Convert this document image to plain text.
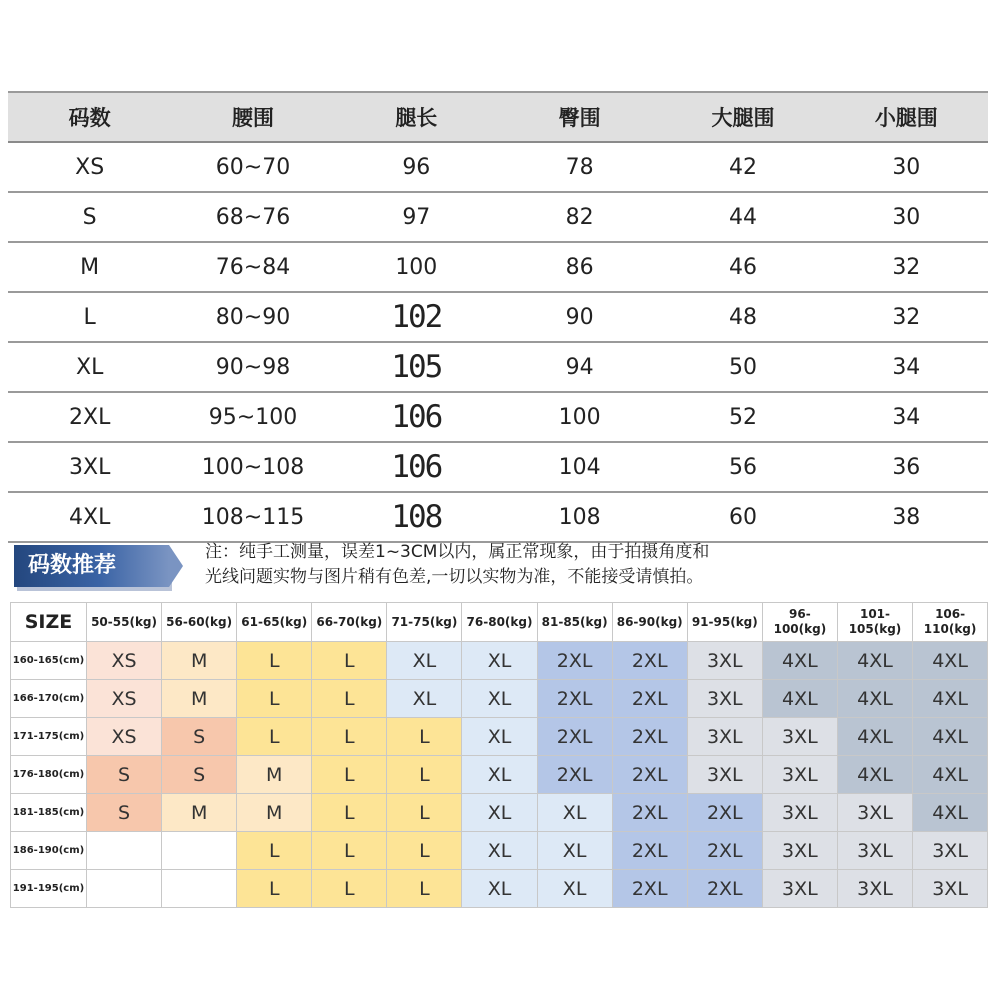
码数	腰围	腿长	臀围	大腿围	小腿围
XS	60~70	96	78	42	30
S	68~76	97	82	44	30
M	76~84	100	86	46	32
L	80~90	102	90	48	32
XL	90~98	105	94	50	34
2XL	95~100	106	100	52	34
3XL	100~108	106	104	56	36
4XL	108~115	108	108	60	38
码数推荐
注：纯手工测量，误差1~3CM以内，属正常现象，由于拍摄角度和
光线问题实物与图片稍有色差,一切以实物为准，不能接受请慎拍。
SIZE	50-55(kg)	56-60(kg)	61-65(kg)	66-70(kg)	71-75(kg)	76-80(kg)	81-85(kg)	86-90(kg)	91-95(kg)	96-100(kg)	101-105(kg)	106-110(kg)
160-165(cm)	XS	M	L	L	XL	XL	2XL	2XL	3XL	4XL	4XL	4XL
166-170(cm)	XS	M	L	L	XL	XL	2XL	2XL	3XL	4XL	4XL	4XL
171-175(cm)	XS	S	L	L	L	XL	2XL	2XL	3XL	3XL	4XL	4XL
176-180(cm)	S	S	M	L	L	XL	2XL	2XL	3XL	3XL	4XL	4XL
181-185(cm)	S	M	M	L	L	XL	XL	2XL	2XL	3XL	3XL	4XL
186-190(cm)			L	L	L	XL	XL	2XL	2XL	3XL	3XL	3XL
191-195(cm)			L	L	L	XL	XL	2XL	2XL	3XL	3XL	3XL
